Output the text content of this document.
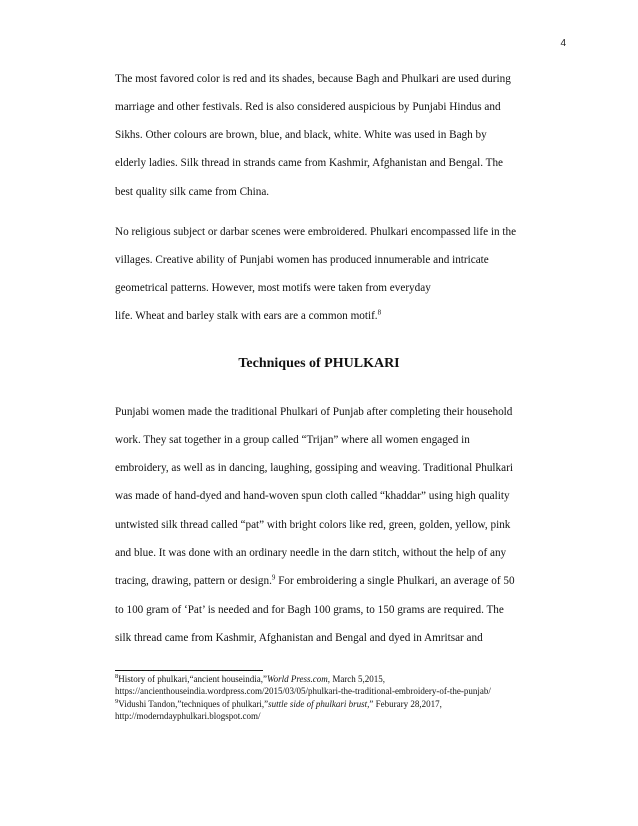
4
The most favored color is red and its shades, because Bagh and Phulkari are used during
marriage and other festivals. Red is also considered auspicious by Punjabi Hindus and
Sikhs. Other colours are brown, blue, and black, white. White was used in Bagh by
elderly ladies. Silk thread in strands came from Kashmir, Afghanistan and Bengal. The
best quality silk came from China.
No religious subject or darbar scenes were embroidered. Phulkari encompassed life in the
villages. Creative ability of Punjabi women has produced innumerable and intricate
geometrical patterns. However, most motifs were taken from everyday
life. Wheat and barley stalk with ears are a common motif.$^8$
Techniques of PHULKARI
Punjabi women made the traditional Phulkari of Punjab after completing their household
work. They sat together in a group called “Trijan” where all women engaged in
embroidery, as well as in dancing, laughing, gossiping and weaving. Traditional Phulkari
was made of hand-dyed and hand-woven spun cloth called “khaddar” using high quality
untwisted silk thread called “pat” with bright colors like red, green, golden, yellow, pink
and blue. It was done with an ordinary needle in the darn stitch, without the help of any
tracing, drawing, pattern or design.$^9$ For embroidering a single Phulkari, an average of 50
to 100 gram of ‘Pat’ is needed and for Bagh 100 grams, to 150 grams are required. The
silk thread came from Kashmir, Afghanistan and Bengal and dyed in Amritsar and
$^8$History of phulkari,“ancient houseindia,”World Press.com, March 5,2015,
https://ancienthouseindia.wordpress.com/2015/03/05/phulkari-the-traditional-embroidery-of-the-punjab/
$^9$Vidushi Tandon,”techniques of phulkari,”suttle side of phulkari brust,” Feburary 28,2017,
http://moderndayphulkari.blogspot.com/
